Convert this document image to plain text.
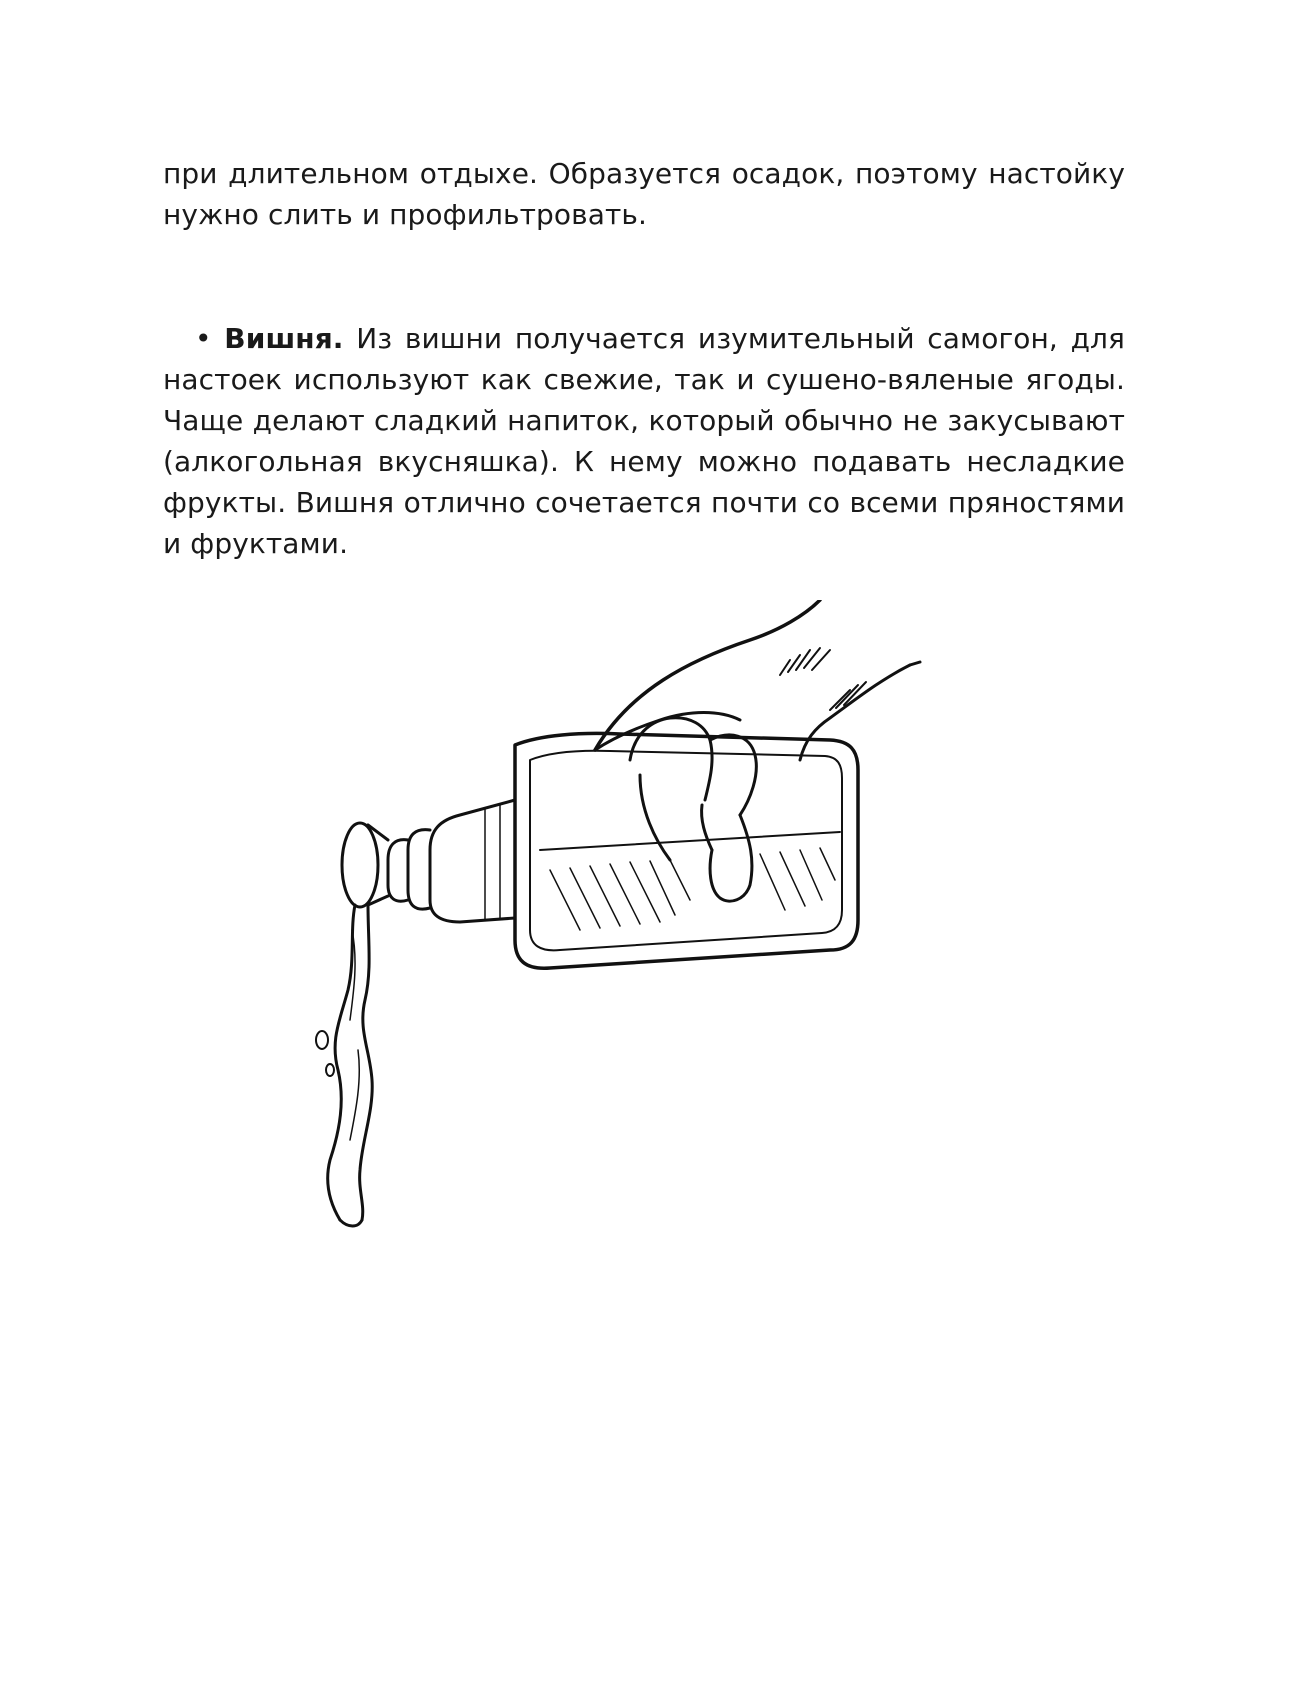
при длительном отдыхе. Образуется осадок, поэтому настойку нужно слить и профильтровать.

• Вишня. Из вишни получается изумительный самогон, для настоек используют как свежие, так и сушено-вяленые ягоды. Чаще делают сладкий напиток, который обычно не закусывают (алкогольная вкусняшка). К нему можно подавать несладкие фрукты. Вишня отлично сочетается почти со всеми пряностями и фруктами.
